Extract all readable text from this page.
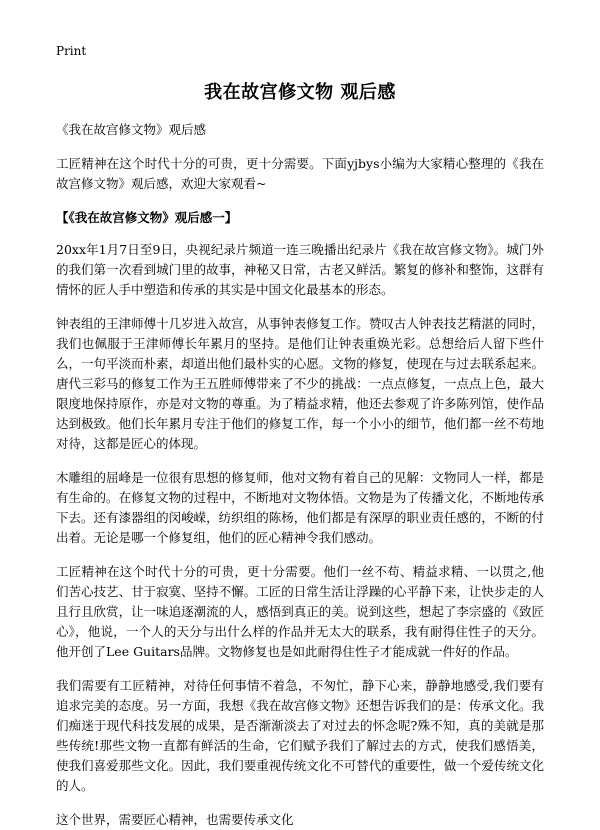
Print
我在故宫修文物 观后感
《我在故宫修文物》观后感

工匠精神在这个时代十分的可贵，更十分需要。下面yjbys小编为大家精心整理的《我在故宫修文物》观后感，欢迎大家观看~

【《我在故宫修文物》观后感一】

20xx年1月7日至9日，央视纪录片频道一连三晚播出纪录片《我在故宫修文物》。城门外的我们第一次看到城门里的故事，神秘又日常，古老又鲜活。繁复的修补和整饰，这群有情怀的匠人手中塑造和传承的其实是中国文化最基本的形态。

钟表组的王津师傅十几岁进入故宫，从事钟表修复工作。赞叹古人钟表技艺精湛的同时，我们也佩服于王津师傅长年累月的坚持。是他们让钟表重焕光彩。总想给后人留下些什么，一句平淡而朴素，却道出他们最朴实的心愿。文物的修复，使现在与过去联系起来。唐代三彩马的修复工作为王五胜师傅带来了不少的挑战：一点点修复，一点点上色，最大限度地保持原作，亦是对文物的尊重。为了精益求精，他还去参观了许多陈列馆，使作品达到极致。他们长年累月专注于他们的修复工作，每一个小小的细节，他们都一丝不苟地对待，这都是匠心的体现。

木雕组的屈峰是一位很有思想的修复师，他对文物有着自己的见解：文物同人一样，都是有生命的。在修复文物的过程中，不断地对文物体悟。文物是为了传播文化，不断地传承下去。还有漆器组的闵峻嵘，纺织组的陈杨，他们都是有深厚的职业责任感的，不断的付出着。无论是哪一个修复组，他们的匠心精神令我们感动。

工匠精神在这个时代十分的可贵，更十分需要。他们一丝不苟、精益求精、一以贯之,他们苦心技艺、甘于寂寞、坚持不懈。工匠的日常生活让浮躁的心平静下来，让快步走的人且行且欣赏，让一味追逐潮流的人，感悟到真正的美。说到这些，想起了李宗盛的《致匠心》，他说，一个人的天分与出什么样的作品并无太大的联系，我有耐得住性子的天分。他开创了Lee Guitars品牌。文物修复也是如此耐得住性子才能成就一件好的作品。

我们需要有工匠精神，对待任何事情不着急，不匆忙，静下心来，静静地感受,我们要有追求完美的态度。另一方面，我想《我在故宫修文物》还想告诉我们的是：传承文化。我们痴迷于现代科技发展的成果，是否渐渐淡去了对过去的怀念呢?殊不知，真的美就是那些传统!那些文物一直都有鲜活的生命，它们赋予我们了解过去的方式，使我们感悟美，使我们喜爱那些文化。因此，我们要重视传统文化不可替代的重要性，做一个爱传统文化的人。

这个世界，需要匠心精神，也需要传承文化
